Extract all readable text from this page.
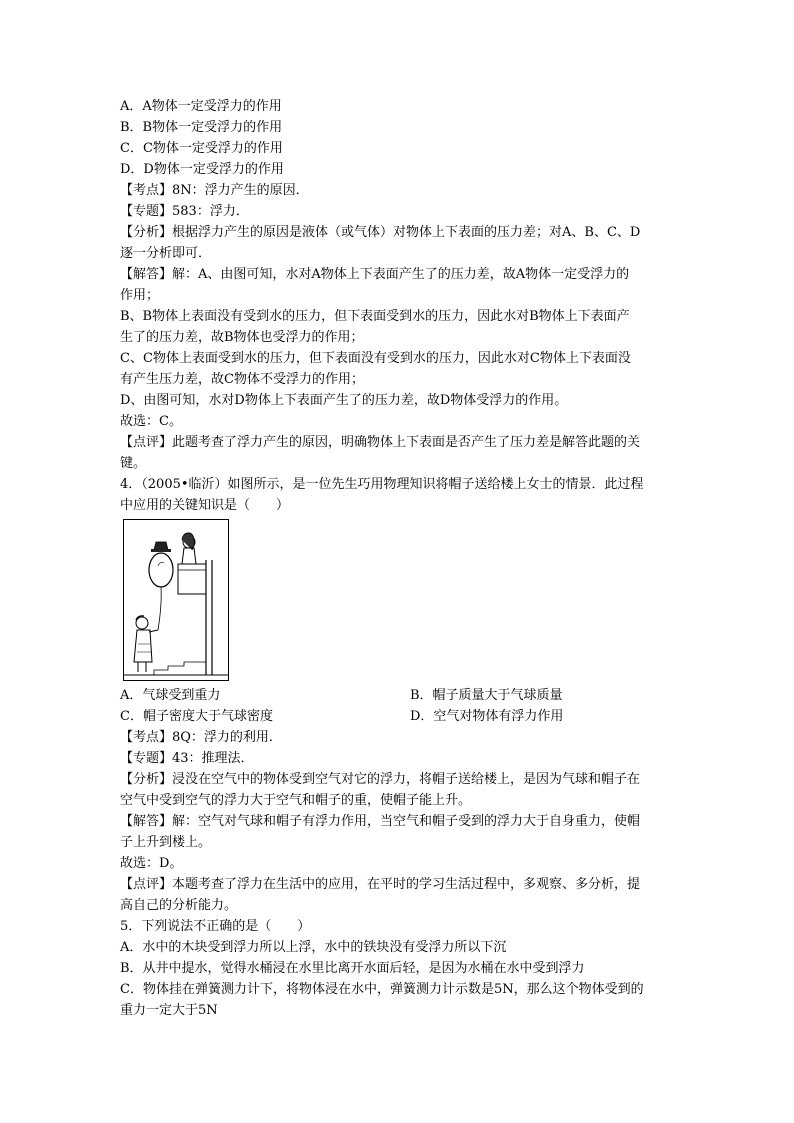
A．A物体一定受浮力的作用
B．B物体一定受浮力的作用
C．C物体一定受浮力的作用
D．D物体一定受浮力的作用
【考点】8N：浮力产生的原因．
【专题】583：浮力．
【分析】根据浮力产生的原因是液体（或气体）对物体上下表面的压力差；对A、B、C、D
逐一分析即可．
【解答】解：A、由图可知，水对A物体上下表面产生了的压力差，故A物体一定受浮力的
作用；
B、B物体上表面没有受到水的压力，但下表面受到水的压力，因此水对B物体上下表面产
生了的压力差，故B物体也受浮力的作用；
C、C物体上表面受到水的压力，但下表面没有受到水的压力，因此水对C物体上下表面没
有产生压力差，故C物体不受浮力的作用；
D、由图可知，水对D物体上下表面产生了的压力差，故D物体受浮力的作用。
故选：C。
【点评】此题考查了浮力产生的原因，明确物体上下表面是否产生了压力差是解答此题的关
键。
4．（2005•临沂）如图所示，是一位先生巧用物理知识将帽子送给楼上女士的情景．此过程
中应用的关键知识是（　　）
A．气球受到重力	B．帽子质量大于气球质量
C．帽子密度大于气球密度	D．空气对物体有浮力作用
【考点】8Q：浮力的利用．
【专题】43：推理法．
【分析】浸没在空气中的物体受到空气对它的浮力，将帽子送给楼上，是因为气球和帽子在
空气中受到空气的浮力大于空气和帽子的重，使帽子能上升。
【解答】解：空气对气球和帽子有浮力作用，当空气和帽子受到的浮力大于自身重力，使帽
子上升到楼上。
故选：D。
【点评】本题考查了浮力在生活中的应用，在平时的学习生活过程中，多观察、多分析，提
高自己的分析能力。
5．下列说法不正确的是（　　）
A．水中的木块受到浮力所以上浮，水中的铁块没有受浮力所以下沉
B．从井中提水，觉得水桶浸在水里比离开水面后轻，是因为水桶在水中受到浮力
C．物体挂在弹簧测力计下，将物体浸在水中，弹簧测力计示数是5N，那么这个物体受到的
重力一定大于5N
